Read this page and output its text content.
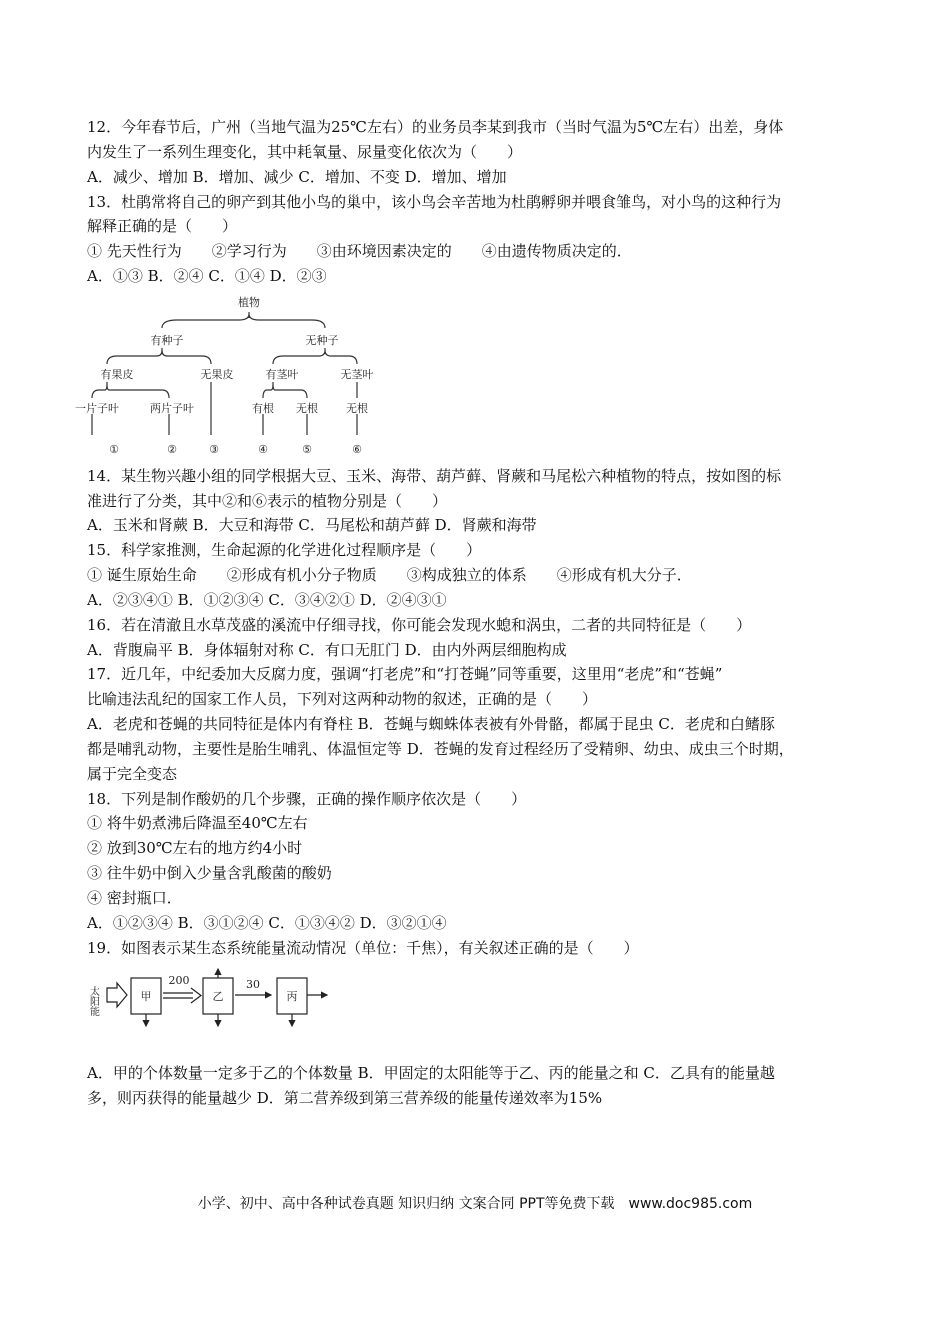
12．今年春节后，广州（当地气温为25℃左右）的业务员李某到我市（当时气温为5℃左右）出差，身体
内发生了一系列生理变化，其中耗氧量、尿量变化依次为（　　）
A．减少、增加 B．增加、减少 C．增加、不变 D．增加、增加
13．杜鹃常将自己的卵产到其他小鸟的巢中，该小鸟会辛苦地为杜鹃孵卵并喂食雏鸟，对小鸟的这种行为
解释正确的是（　　）
① 先天性行为　　②学习行为　　③由环境因素决定的　　④由遗传物质决定的．
A．①③ B．②④ C．①④ D．②③
植物
有种子	无种子
有果皮	无果皮	有茎叶	无茎叶
一片子叶	两片子叶	有根 无根	无根
①	②	③	④	⑤	⑥
14．某生物兴趣小组的同学根据大豆、玉米、海带、葫芦藓、肾蕨和马尾松六种植物的特点，按如图的标
准进行了分类，其中②和⑥表示的植物分别是（　　）
A．玉米和肾蕨 B．大豆和海带 C．马尾松和葫芦藓 D．肾蕨和海带
15．科学家推测，生命起源的化学进化过程顺序是（　　）
① 诞生原始生命　　②形成有机小分子物质　　③构成独立的体系　　④形成有机大分子．
A．②③④① B．①②③④ C．③④②① D．②④③①
16．若在清澈且水草茂盛的溪流中仔细寻找，你可能会发现水螅和涡虫，二者的共同特征是（　　）
A．背腹扁平 B．身体辐射对称 C．有口无肛门 D．由内外两层细胞构成
17．近几年，中纪委加大反腐力度，强调“打老虎”和“打苍蝇”同等重要，这里用“老虎”和“苍蝇”
比喻违法乱纪的国家工作人员，下列对这两种动物的叙述，正确的是（　　）
A．老虎和苍蝇的共同特征是体内有脊柱 B．苍蝇与蜘蛛体表被有外骨骼，都属于昆虫 C．老虎和白鳍豚
都是哺乳动物，主要性是胎生哺乳、体温恒定等 D．苍蝇的发育过程经历了受精卵、幼虫、成虫三个时期，
属于完全变态
18．下列是制作酸奶的几个步骤，正确的操作顺序依次是（　　）
① 将牛奶煮沸后降温至40℃左右
② 放到30℃左右的地方约4小时
③ 往牛奶中倒入少量含乳酸菌的酸奶
④ 密封瓶口．
A．①②③④ B．③①②④ C．①③④② D．③②①④
19．如图表示某生态系统能量流动情况（单位：千焦），有关叙述正确的是（　　）
太阳能	甲
200
乙
30
丙
A．甲的个体数量一定多于乙的个体数量 B．甲固定的太阳能等于乙、丙的能量之和 C．乙具有的能量越
多，则丙获得的能量越少 D．第二营养级到第三营养级的能量传递效率为15%
小学、初中、高中各种试卷真题 知识归纳 文案合同 PPT等免费下载　www.doc985.com
